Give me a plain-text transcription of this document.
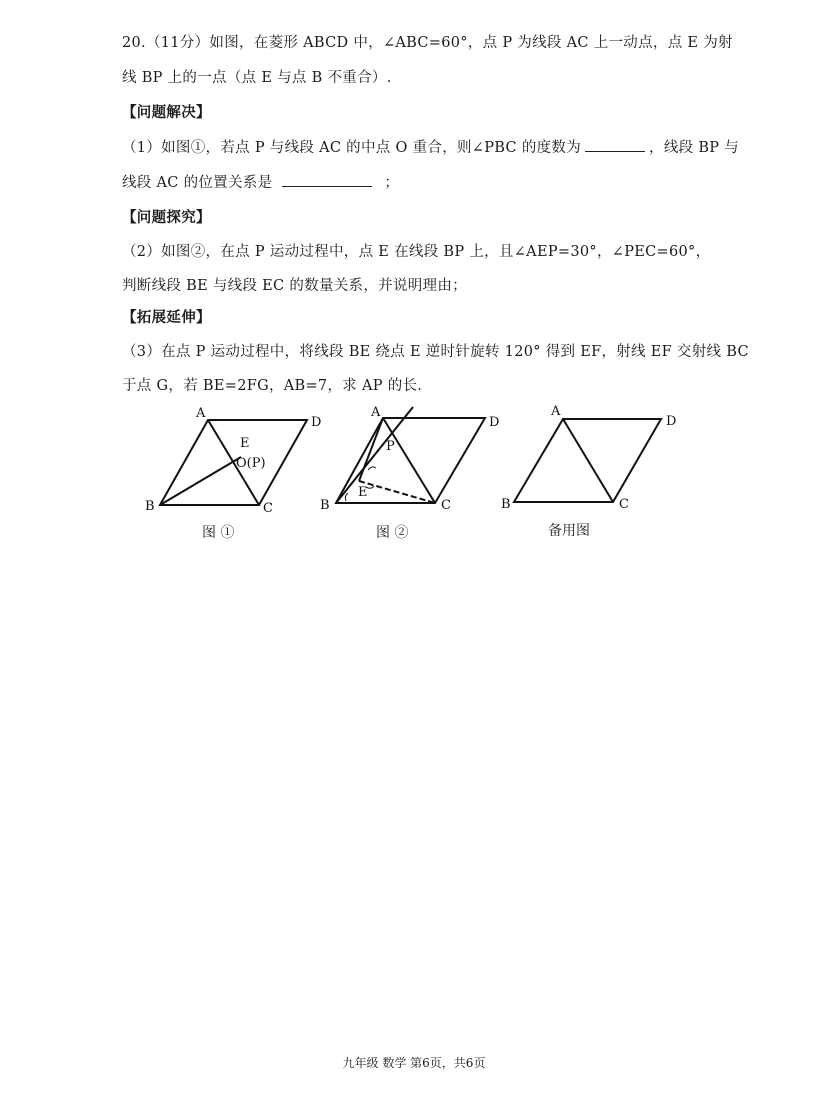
20.（11分）如图，在菱形 ABCD 中，∠ABC=60°，点 P 为线段 AC 上一动点，点 E 为射
线 BP 上的一点（点 E 与点 B 不重合）.
【问题解决】
（1）如图①，若点 P 与线段 AC 的中点 O 重合，则∠PBC 的度数为	，线段 BP 与
线段 AC 的位置关系是	；
【问题探究】
（2）如图②，在点 P 运动过程中，点 E 在线段 BP 上，且∠AEP=30°，∠PEC=60°，
判断线段 BE 与线段 EC 的数量关系，并说明理由；
【拓展延伸】
（3）在点 P 运动过程中，将线段 BE 绕点 E 逆时针旋转 120° 得到 EF，射线 EF 交射线 BC
于点 G，若 BE=2FG，AB=7，求 AP 的长.
A
D
B	C
E
O(P)
A
D
B	C
P
E
A
D
B	C
图 ①	图 ②	备用图
九年级 数学 第6页，共6页
